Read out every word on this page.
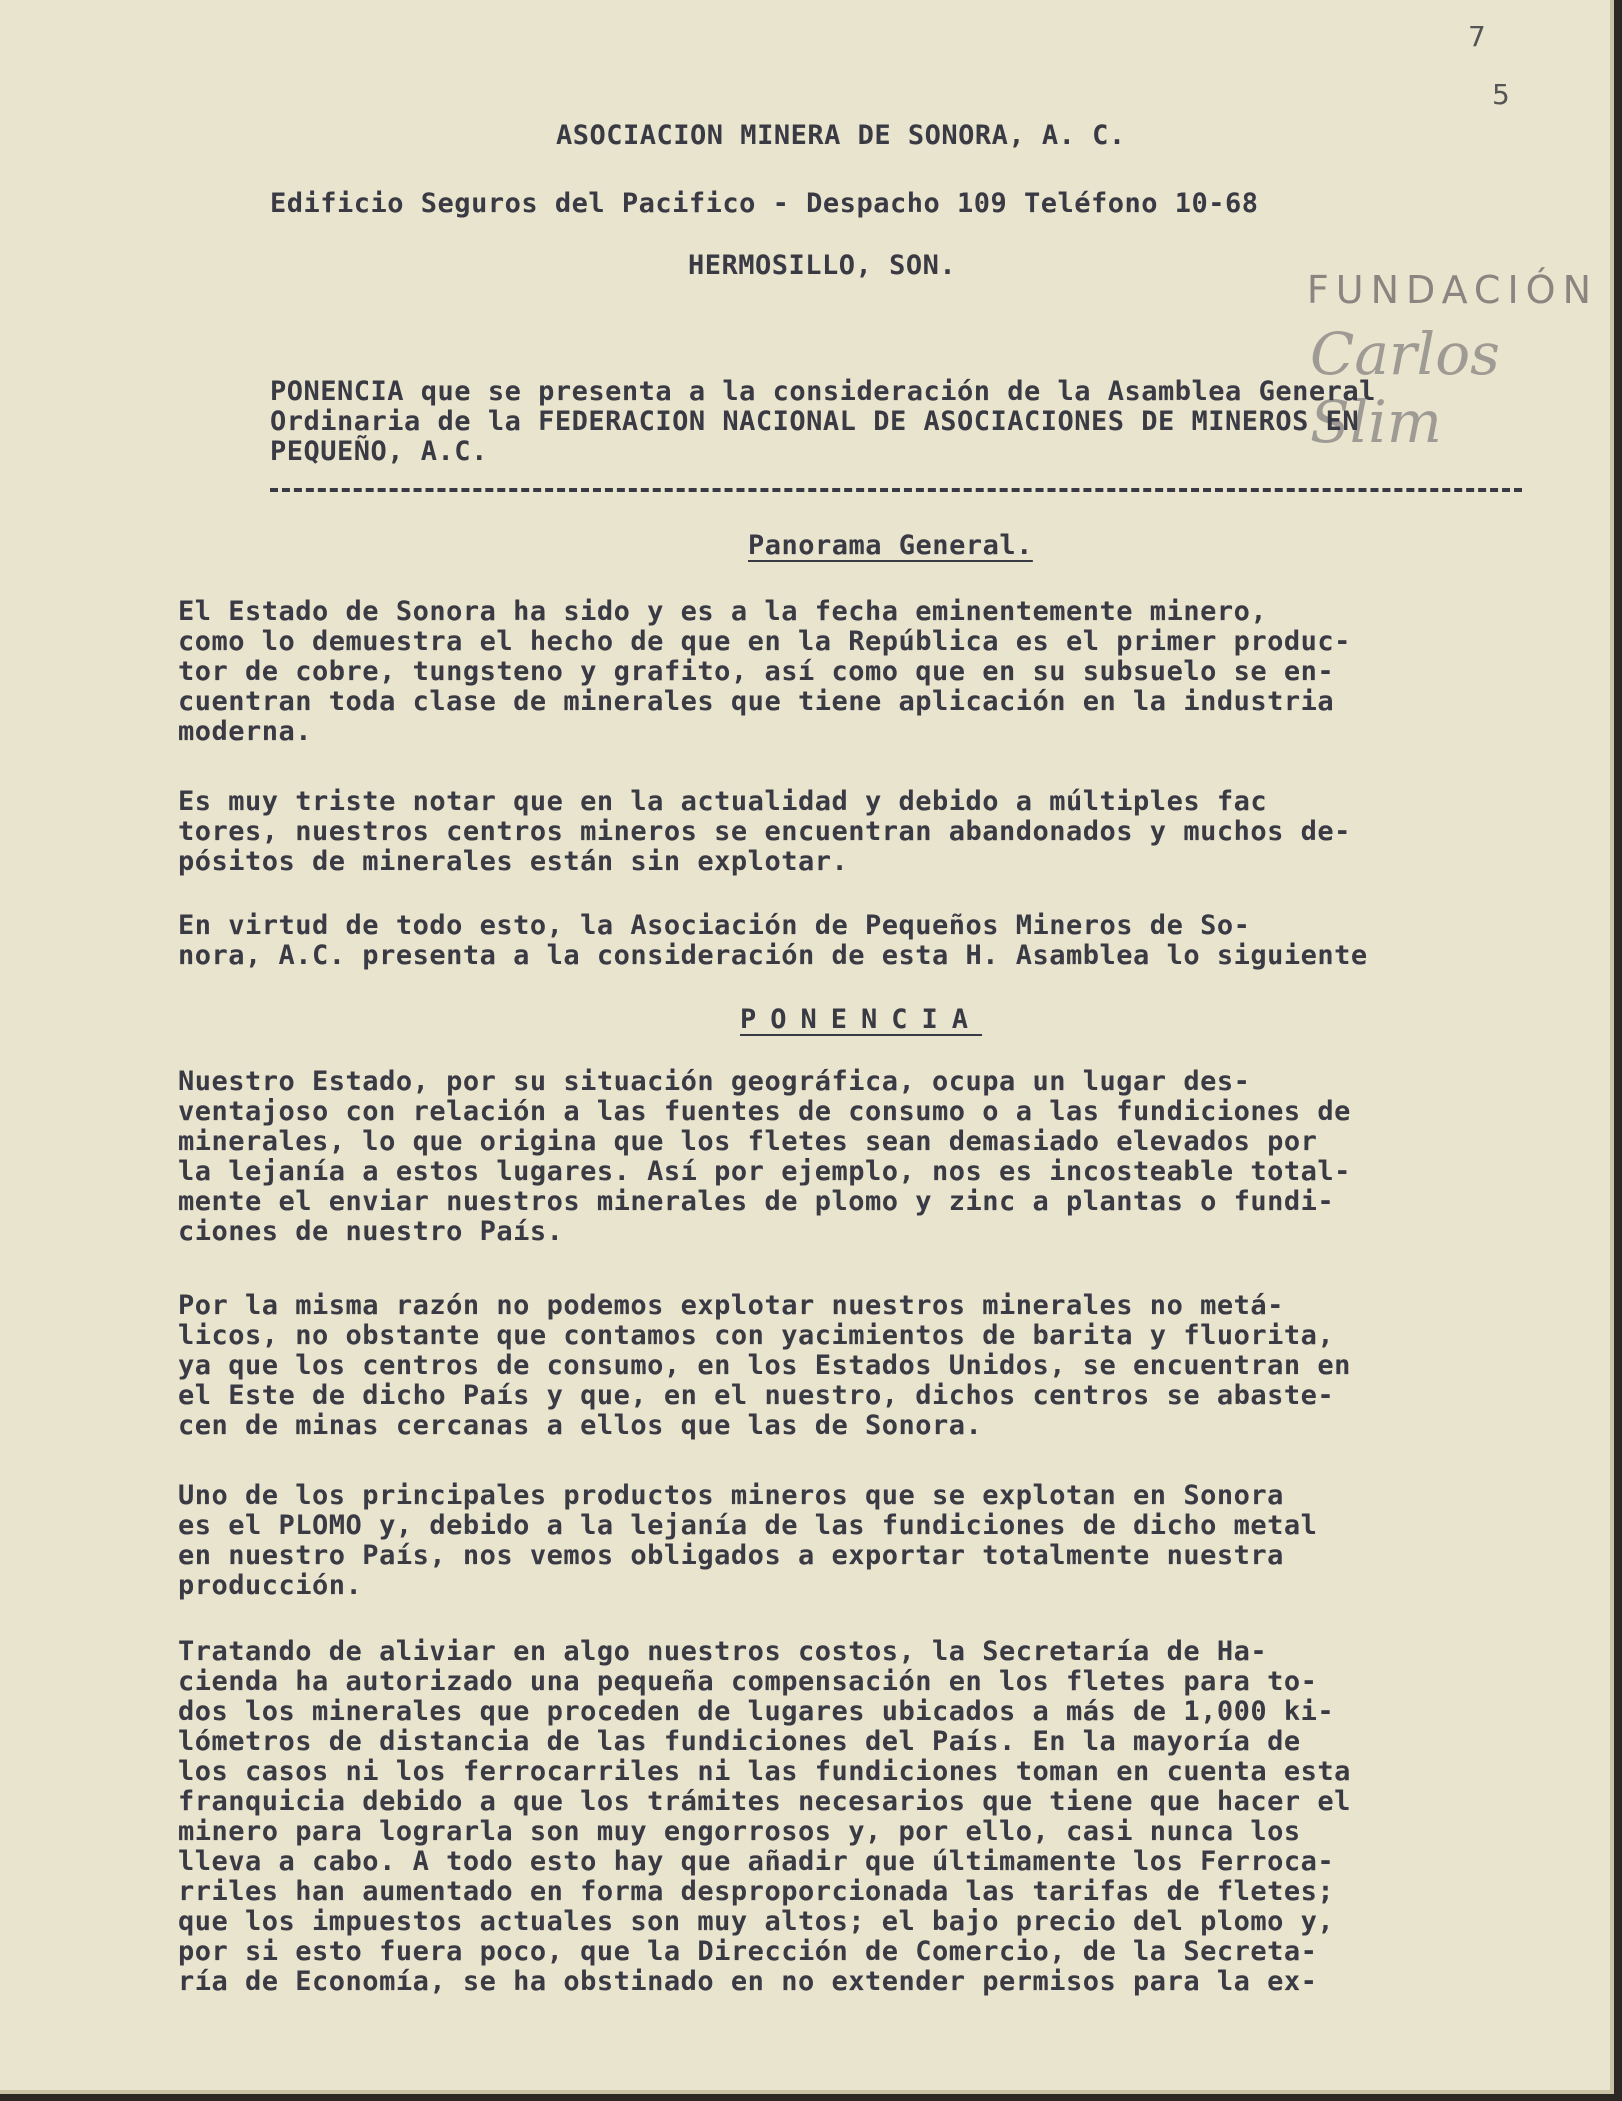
FUNDACIÓN
Carlos Slim
7
5
ASOCIACION MINERA DE SONORA, A. C.
Edificio Seguros del Pacifico - Despacho 109 Teléfono 10-68
HERMOSILLO, SON.
PONENCIA que se presenta a la consideración de la Asamblea General
Ordinaria de la FEDERACION NACIONAL DE ASOCIACIONES DE MINEROS EN
PEQUEÑO, A.C.
Panorama General.
El Estado de Sonora ha sido y es a la fecha eminentemente minero,
como lo demuestra el hecho de que en la República es el primer produc-
tor de cobre, tungsteno y grafito, así como que en su subsuelo se en-
cuentran toda clase de minerales que tiene aplicación en la industria
moderna.
Es muy triste notar que en la actualidad y debido a múltiples fac
tores, nuestros centros mineros se encuentran abandonados y muchos de-
pósitos de minerales están sin explotar.
En virtud de todo esto, la Asociación de Pequeños Mineros de So-
nora, A.C. presenta a la consideración de esta H. Asamblea lo siguiente
PONENCIA
Nuestro Estado, por su situación geográfica, ocupa un lugar des-
ventajoso con relación a las fuentes de consumo o a las fundiciones de
minerales, lo que origina que los fletes sean demasiado elevados por
la lejanía a estos lugares. Así por ejemplo, nos es incosteable total-
mente el enviar nuestros minerales de plomo y zinc a plantas o fundi-
ciones de nuestro País.
Por la misma razón no podemos explotar nuestros minerales no metá-
licos, no obstante que contamos con yacimientos de barita y fluorita,
ya que los centros de consumo, en los Estados Unidos, se encuentran en
el Este de dicho País y que, en el nuestro, dichos centros se abaste-
cen de minas cercanas a ellos que las de Sonora.
Uno de los principales productos mineros que se explotan en Sonora
es el PLOMO y, debido a la lejanía de las fundiciones de dicho metal
en nuestro País, nos vemos obligados a exportar totalmente nuestra
producción.
Tratando de aliviar en algo nuestros costos, la Secretaría de Ha-
cienda ha autorizado una pequeña compensación en los fletes para to-
dos los minerales que proceden de lugares ubicados a más de 1,000 ki-
lómetros de distancia de las fundiciones del País. En la mayoría de
los casos ni los ferrocarriles ni las fundiciones toman en cuenta esta
franquicia debido a que los trámites necesarios que tiene que hacer el
minero para lograrla son muy engorrosos y, por ello, casi nunca los
lleva a cabo. A todo esto hay que añadir que últimamente los Ferroca-
rriles han aumentado en forma desproporcionada las tarifas de fletes;
que los impuestos actuales son muy altos; el bajo precio del plomo y,
por si esto fuera poco, que la Dirección de Comercio, de la Secreta-
ría de Economía, se ha obstinado en no extender permisos para la ex-
